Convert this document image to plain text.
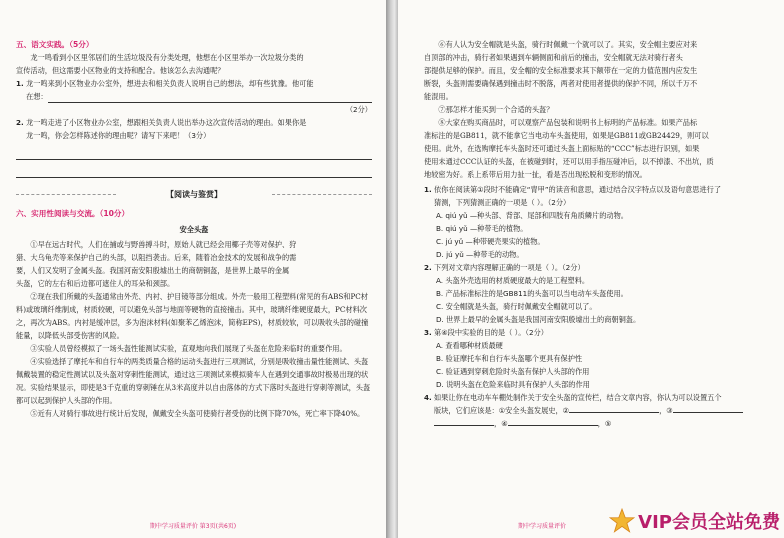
五、语文实践。（5分）
龙一鸣看到小区里邻居们的生活垃圾没有分类处理，他想在小区里举办一次垃圾分类的
宣传活动，但这需要小区物业的支持和配合。他该怎么去沟通呢？
1. 龙一鸣来到小区物业办公室外，想进去和相关负责人说明自己的想法，却有些犹豫。他可能
在想：
（2分）
2. 龙一鸣走进了小区物业办公室，想跟相关负责人说出举办这次宣传活动的理由。如果你是
龙一鸣，你会怎样陈述你的理由呢？请写下来吧！（3分）
【阅读与鉴赏】
六、实用性阅读与交流。（10分）
安全头盔
①早在远古时代，人们在捕或与野兽搏斗时，原始人就已经会用椰子壳等对保护、狩
猎、大乌龟壳等来保护自己的头部，以阻挡袭击。后来，随着冶金技术的发展和战争的需
要，人们又发明了金属头盔。我国河南安阳殷墟出土的商朝铜盔，是世界上最早的金属
头盔，它的左右和后边都可遮住人的耳朵和颈部。
②现在我们所戴的头盔通常由外壳、内衬、护目镜等部分组成。外壳一般用工程塑料(常见的有ABS和PC材料)或玻璃纤维制成，材质较硬，可以避免头部与地面等硬物的直接撞击。其中，玻璃纤维硬度最大，PC材料次之，再次为ABS。内衬是缓冲层，多为泡沫材料(如聚苯乙烯泡沫，简称EPS)，材质较软，可以吸收头部的碰撞能量，以降低头部受伤害的风险。
③实验人员曾经模拟了一场头盔性能测试实验，直观地向我们展现了头盔在危险来临时的重要作用。
④实验选择了摩托车和自行车的两类质量合格的运动头盔进行三项测试，分别是吸收撞击量性能测试、头盔佩戴装置的稳定性测试以及头盔对穿刺性能测试，通过这三项测试来模拟骑车人在遇到交通事故时极易出现的状况。实验结果显示，即使是3千克重的穿刺锤在从3米高度并以自由落体的方式下落时头盔进行穿刺等测试，头盔都可以起到保护人头部的作用。
⑤近有人对骑行事故进行统计后发现，佩戴安全头盔可使骑行者受伤的比例下降70%，死亡率下降40%。
期中学习质量评价 第3页(共6页)
⑥有人认为安全帽就是头盔，骑行时佩戴一个就可以了。其实，安全帽主要应对来
自顶部的冲击，骑行者如果遇到车辆侧面和前后的撞击，安全帽就无法对骑行者头
部提供足够的保护。而且，安全帽的安全标准要求其下额带在一定的力值范围内应发生
断裂，头盔则需要确保遇到撞击时不脱落，两者对使用者提供的保护不同，所以千万不
能混用。
⑦那怎样才能买到一个合适的头盔？
⑧大家在购买商品时，可以观察产品包装和说明书上标明的产品标准。如果产品标
准标注的是GB811，就不能拿它当电动车头盔使用，如果是GB811或GB24429，则可以
使用。此外，在选购摩托车头盔时还可通过头盔上面标贴的“CCC”标志进行识别，如果
使用未通过CCC认证的头盔，在被碰到时，还可以用手指压碰冲后，以不掉漆、不出坑，质
地较密为好。系上系带后用力扯一扯，看是否出现松脱和变形的情况。
1. 依你在阅读第①段时不能确定“胄甲”的读音和意思，通过结合汉字特点以及语句意思进行了
猜测，下列猜测正确的一项是（ ）。（2分）
A. qiú yǔ —种头部、背部、尾部和四肢有角质鳞片的动物。
B. qiú yǔ —种带毛的植物。
C. jú yǔ —种带硬壳果实的植物。
D. jú yǔ —种带毛的动物。
2. 下列对文章内容理解正确的一项是（ ）。（2分）
A. 头盔外壳选用的材质硬度最大的是工程塑料。
B. 产品标准标注的是GB811的头盔可以当电动车头盔使用。
C. 安全帽就是头盔，骑行时佩戴安全帽就可以了。
D. 世界上最早的金属头盔是我国河南安阳殷墟出土的商朝铜盔。
3. 第④段中实验的目的是（ ）。（2分）
A. 查看哪种材质最硬
B. 验证摩托车和自行车头盔哪个更具有保护性
C. 验证遇到穿刺危险时头盔有保护人头部的作用
D. 说明头盔在危险来临时具有保护人头部的作用
4. 如果让你在电动车车棚处制作关于安全头盔的宣传栏，结合文章内容，你认为可以设置五个
版块，它们应该是：①安全头盔发展史，②	，③
，④	，⑤
期中学习质量评价	VIP会员全站免费
